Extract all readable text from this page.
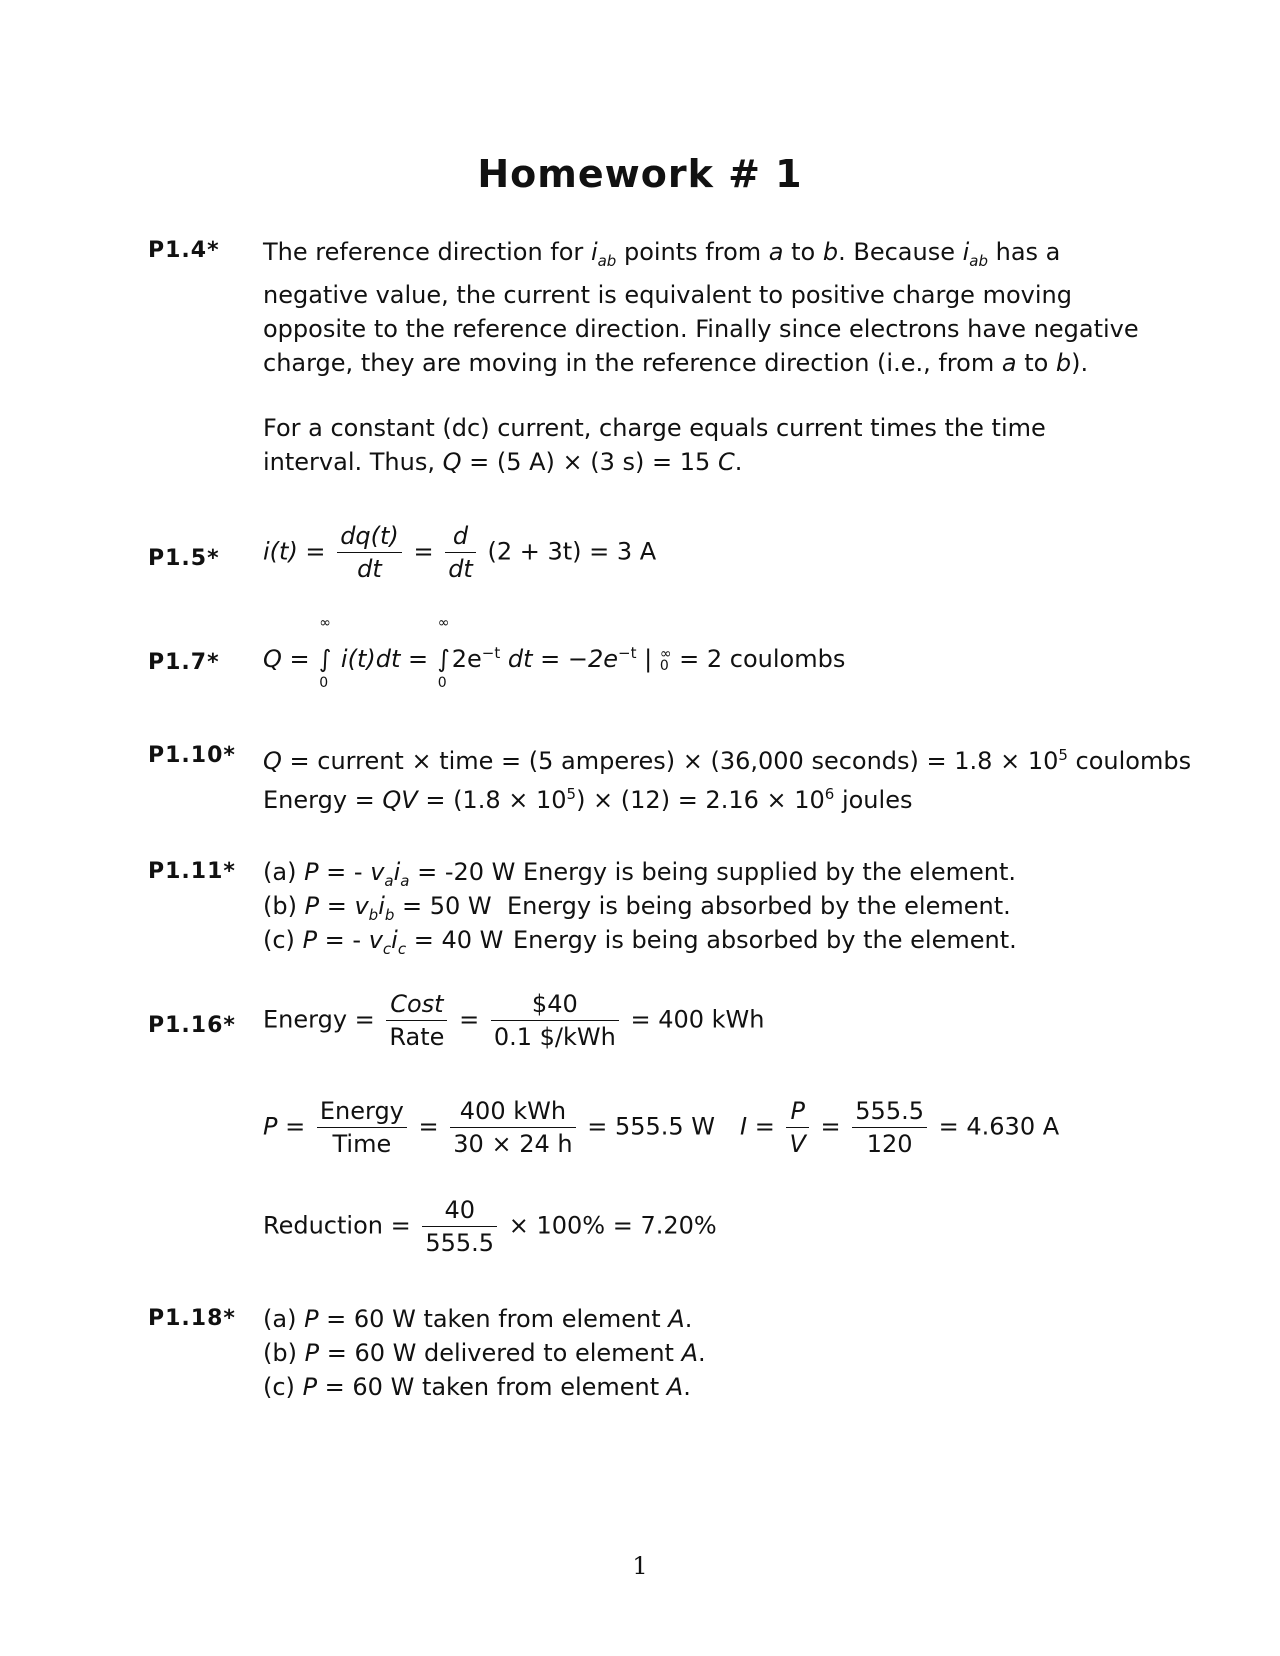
Homework # 1
P1.4* The reference direction for $i_{ab}$ points from a to b. Because $i_{ab}$ has a

negative value, the current is equivalent to positive charge moving

opposite to the reference direction. Finally since electrons have negative

charge, they are moving in the reference direction (i.e., from a to b).

For a constant (dc) current, charge equals current times the time

interval. Thus, Q = (5 A) × (3 s) = 15 C.

P1.5* $i(t) = \frac{dq(t)}{dt} = \frac{d}{dt} (2 + 3t) = 3$ A
P1.7* Q =
∞
∫
0
i(t)dt =
∞
∫
0
$2e^{-t}$ dt = $-2e^{-t}$ | ∞
0 = 2 coulombs
P1.10* Q = current × time = (5 amperes) × (36,000 seconds) = $1.8 \times 10^5$ coulombs
Energy = QV = $(1.8 \times 10^5) \times (12) = 2.16 \times 10^6$ joules
P1.11* (a) P = - $v_ai_a = -20$ W Energy is being supplied by the element.
(b) $P = v_bi_b = 50$ W Energy is being absorbed by the element.
(c) P = - $v_ci_c = 40$ W Energy is being absorbed by the element.
P1.16* Energy = $\frac{\text{Cost}}{\text{Rate}} = \frac{\$40}{\text{0.1 \$/kWh}} = 400$ kWh
$P = \frac{\text{Energy}}{\text{Time}} = \frac{\text{400 kWh}}{30 \times 24 h} = 555.5$ W $I = \frac{P}{V} = \frac{555.5}{120} = 4.630$ A
Reduction = $\frac{40}{555.5} \times 100\% = 7.20\%$
P1.18* (a) P = 60 W taken from element A.
(b) P = 60 W delivered to element A.
(c) P = 60 W taken from element A.
1
